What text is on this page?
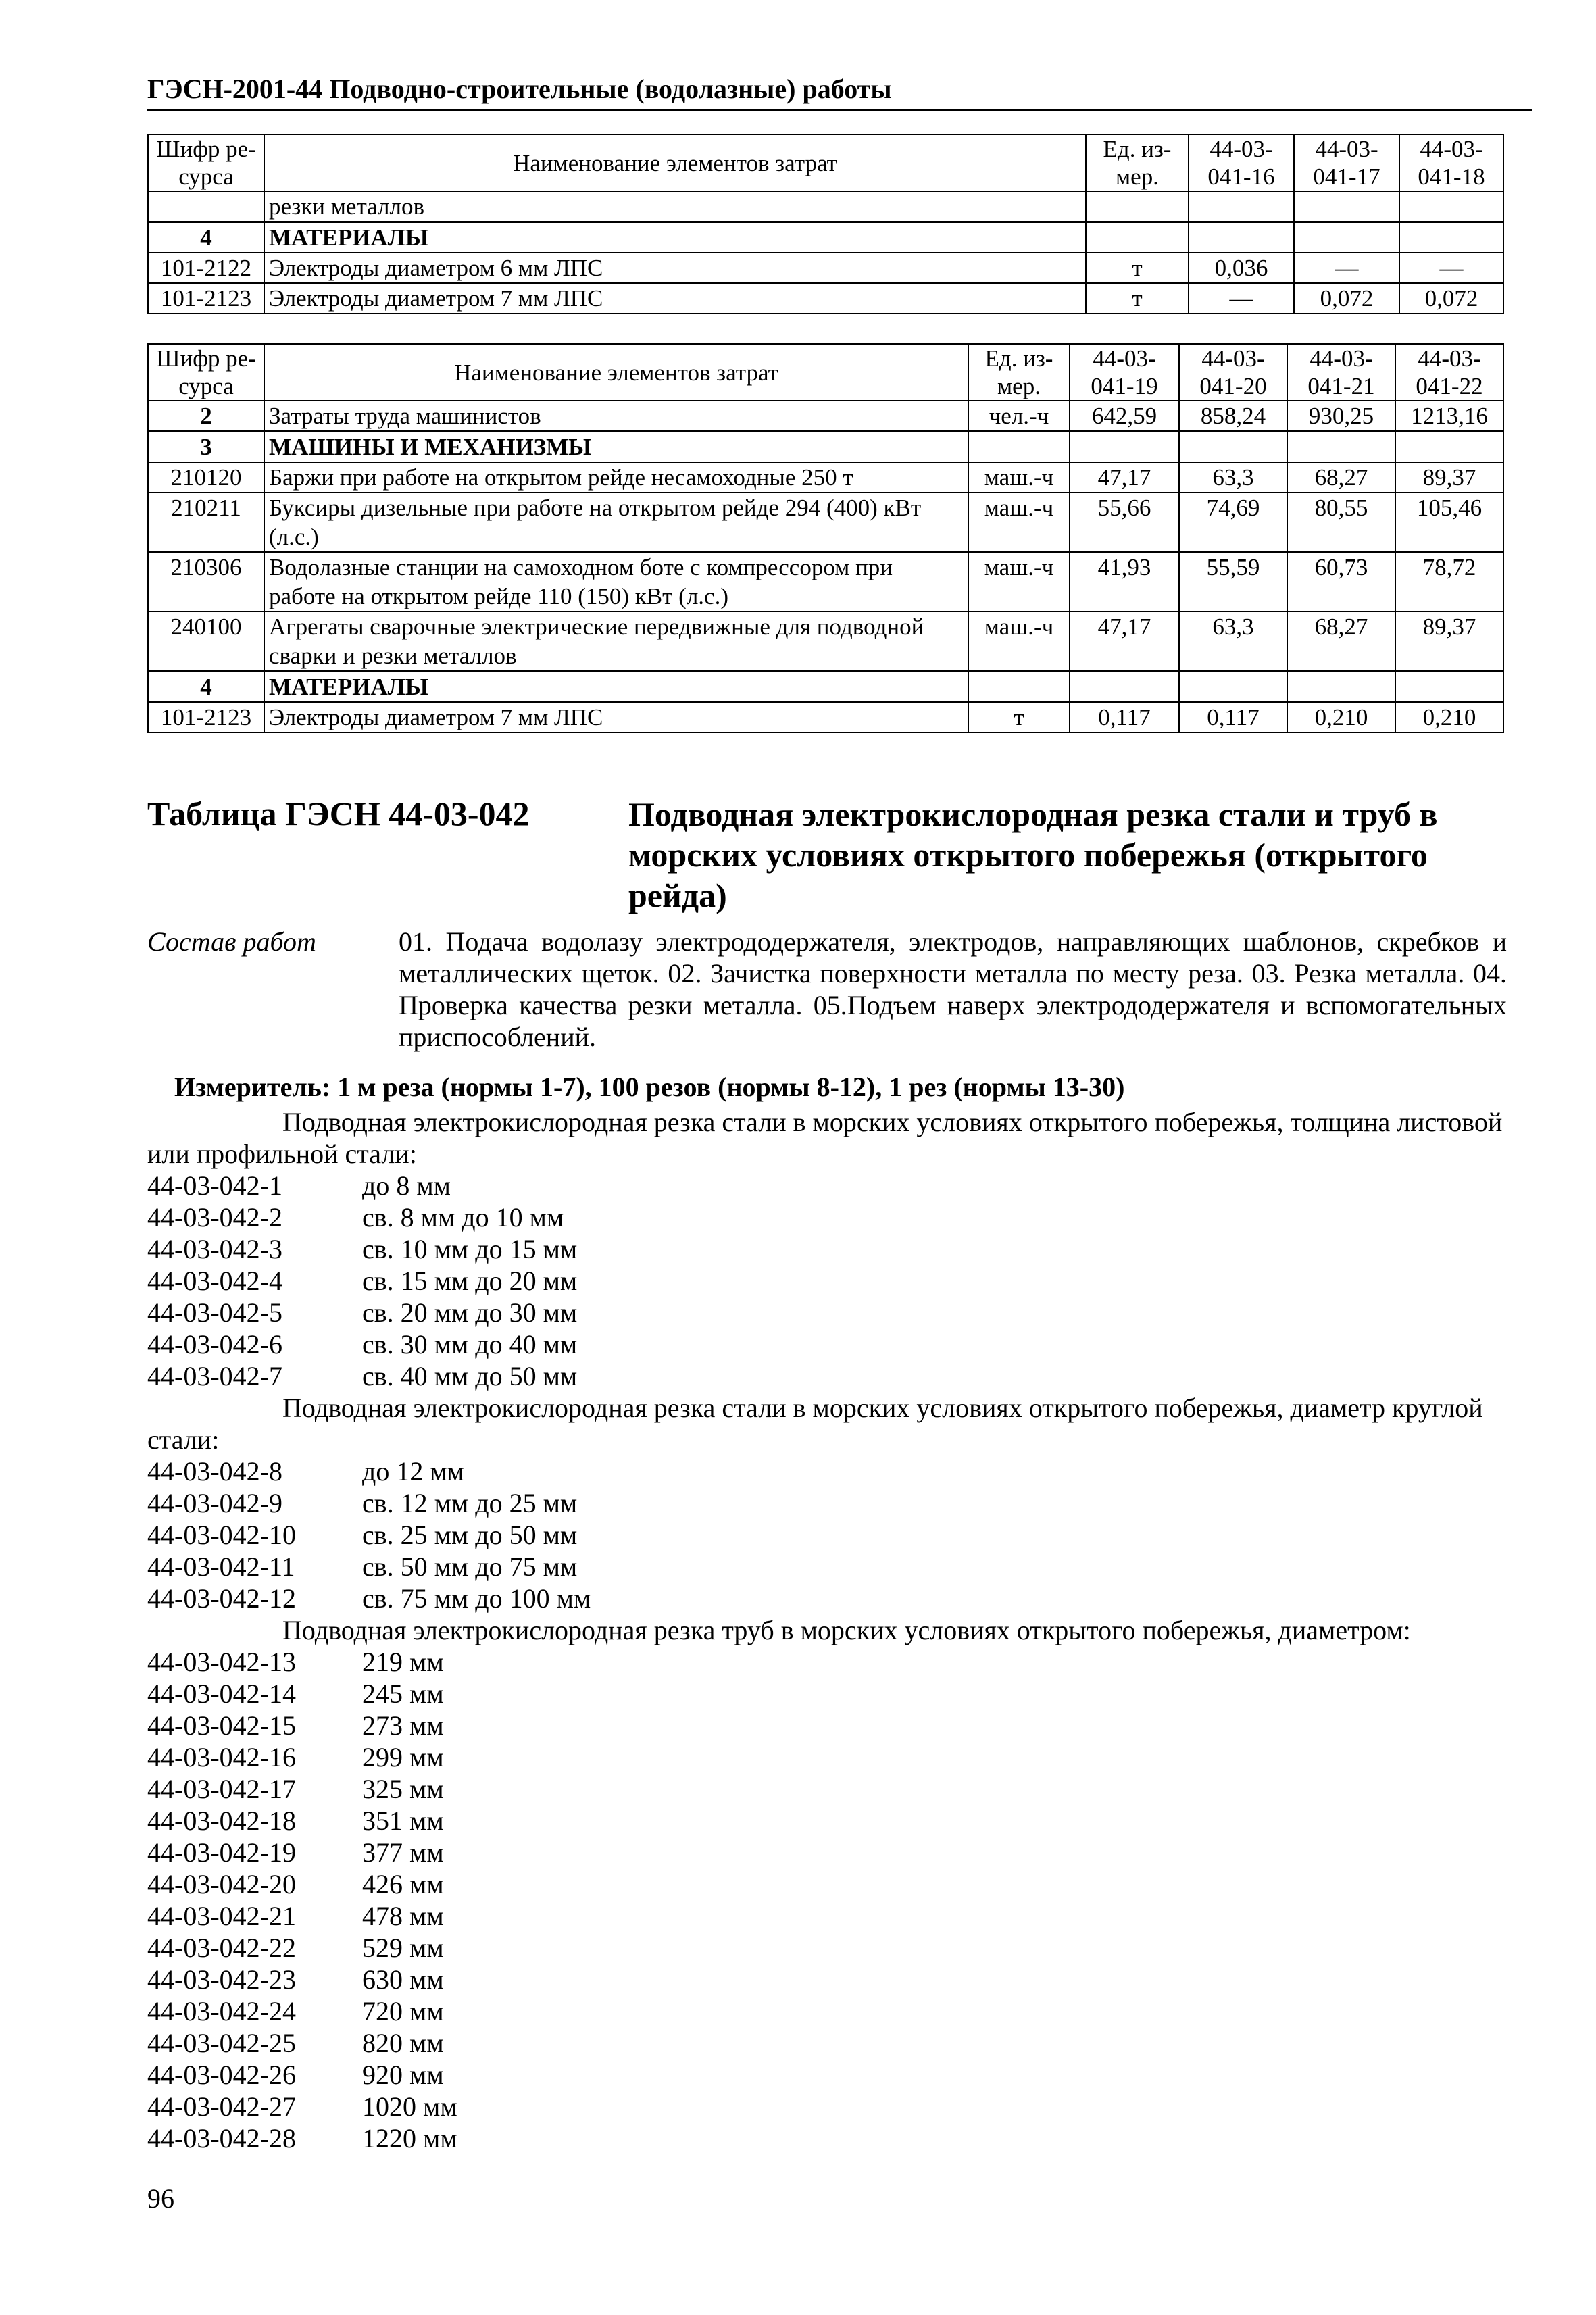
ГЭСН-2001-44 Подводно-строительные (водолазные) работы
Шифр ре-сурса	Наименование элементов затрат	Ед. из-мер.	44-03-041-16	44-03-041-17	44-03-041-18
	резки металлов				
4	МАТЕРИАЛЫ				
101-2122	Электроды диаметром 6 мм ЛПС	т	0,036	—	—
101-2123	Электроды диаметром 7 мм ЛПС	т	—	0,072	0,072
Шифр ре-сурса	Наименование элементов затрат	Ед. из-мер.	44-03-041-19	44-03-041-20	44-03-041-21	44-03-041-22
2	Затраты труда машинистов	чел.-ч	642,59	858,24	930,25	1213,16
3	МАШИНЫ И МЕХАНИЗМЫ					
210120	Баржи при работе на открытом рейде несамоходные 250 т	маш.-ч	47,17	63,3	68,27	89,37
210211	Буксиры дизельные при работе на открытом рейде 294 (400) кВт (л.с.)	маш.-ч	55,66	74,69	80,55	105,46
210306	Водолазные станции на самоходном боте с компрессором при работе на открытом рейде 110 (150) кВт (л.с.)	маш.-ч	41,93	55,59	60,73	78,72
240100	Агрегаты сварочные электрические передвижные для подводной сварки и резки металлов	маш.-ч	47,17	63,3	68,27	89,37
4	МАТЕРИАЛЫ					
101-2123	Электроды диаметром 7 мм ЛПС	т	0,117	0,117	0,210	0,210
Таблица ГЭСН 44-03-042	Подводная электрокислородная резка стали и труб в морских условиях открытого побережья (открытого рейда)
Состав работ	01. Подача водолазу электрододержателя, электродов, направляющих шаблонов, скребков и металлических щеток. 02. Зачистка поверхности металла по месту реза. 03. Резка металла. 04. Проверка качества резки металла. 05.Подъем наверх электрододержателя и вспомогательных приспособлений.
Измеритель: 1 м реза (нормы 1-7), 100 резов (нормы 8-12), 1 рез (нормы 13-30)
Подводная электрокислородная резка стали в морских условиях открытого побережья, толщина листовой или профильной стали:
44-03-042-1	до 8 мм
44-03-042-2	св. 8 мм до 10 мм
44-03-042-3	св. 10 мм до 15 мм
44-03-042-4	св. 15 мм до 20 мм
44-03-042-5	св. 20 мм до 30 мм
44-03-042-6	св. 30 мм до 40 мм
44-03-042-7	св. 40 мм до 50 мм
Подводная электрокислородная резка стали в морских условиях открытого побережья, диаметр круглой стали:
44-03-042-8	до 12 мм
44-03-042-9	св. 12 мм до 25 мм
44-03-042-10 св. 25 мм до 50 мм
44-03-042-11 св. 50 мм до 75 мм
44-03-042-12 св. 75 мм до 100 мм
Подводная электрокислородная резка труб в морских условиях открытого побережья, диаметром:
44-03-042-13 219 мм
44-03-042-14 245 мм
44-03-042-15 273 мм
44-03-042-16 299 мм
44-03-042-17 325 мм
44-03-042-18 351 мм
44-03-042-19 377 мм
44-03-042-20 426 мм
44-03-042-21 478 мм
44-03-042-22 529 мм
44-03-042-23 630 мм
44-03-042-24 720 мм
44-03-042-25 820 мм
44-03-042-26 920 мм
44-03-042-27 1020 мм
44-03-042-28 1220 мм
96
